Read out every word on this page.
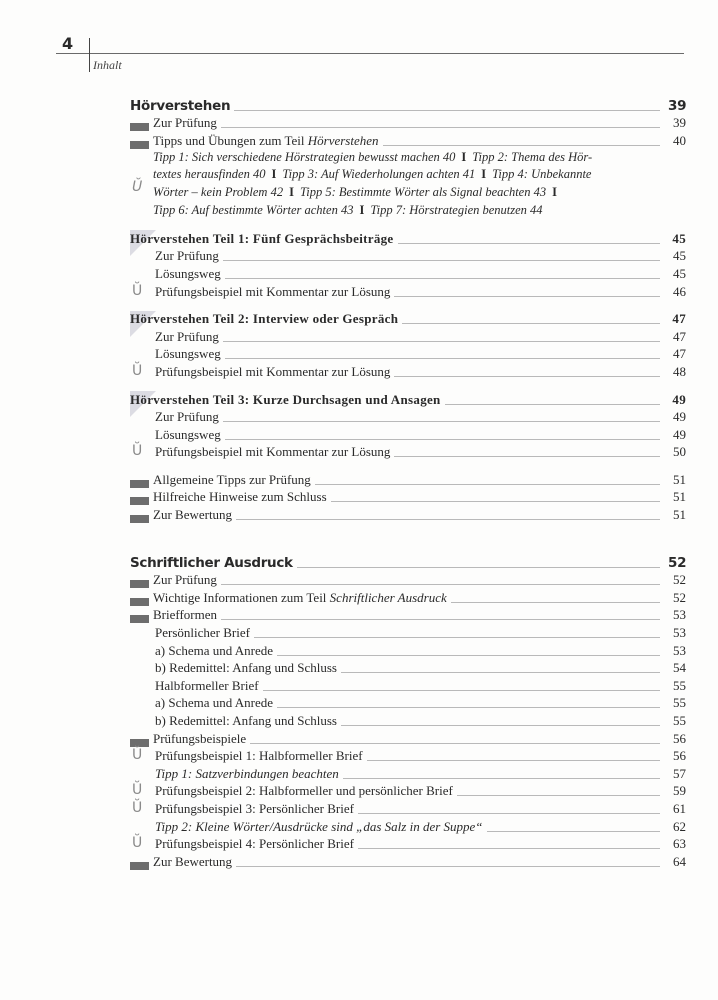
4
Inhalt
Hörverstehen	39
Zur Prüfung	39
Tipps und Übungen zum Teil Hörverstehen	40
Ŭ
Tipp 1: Sich verschiedene Hörstrategien bewusst machen 40 I Tipp 2: Thema des Hör-
textes herausfinden 40 I Tipp 3: Auf Wiederholungen achten 41 I Tipp 4: Unbekannte
Wörter – kein Problem 42 I Tipp 5: Bestimmte Wörter als Signal beachten 43 I
Tipp 6: Auf bestimmte Wörter achten 43 I Tipp 7: Hörstrategien benutzen 44
Hörverstehen Teil 1: Fünf Gesprächsbeiträge	45
Zur Prüfung	45
Lösungsweg	45
Ŭ Prüfungsbeispiel mit Kommentar zur Lösung	46
Hörverstehen Teil 2: Interview oder Gespräch	47
Zur Prüfung	47
Lösungsweg	47
Ŭ Prüfungsbeispiel mit Kommentar zur Lösung	48
Hörverstehen Teil 3: Kurze Durchsagen und Ansagen	49
Zur Prüfung	49
Lösungsweg	49
Ŭ Prüfungsbeispiel mit Kommentar zur Lösung	50
Allgemeine Tipps zur Prüfung	51
Hilfreiche Hinweise zum Schluss	51
Zur Bewertung	51
Schriftlicher Ausdruck	52
Zur Prüfung	52
Wichtige Informationen zum Teil Schriftlicher Ausdruck	52
Briefformen	53
Persönlicher Brief	53
a) Schema und Anrede	53
b) Redemittel: Anfang und Schluss	54
Halbformeller Brief	55
a) Schema und Anrede	55
b) Redemittel: Anfang und Schluss	55
Prüfungsbeispiele	56
Ŭ Prüfungsbeispiel 1: Halbformeller Brief	56
Tipp 1: Satzverbindungen beachten	57
Ŭ Prüfungsbeispiel 2: Halbformeller und persönlicher Brief	59
Ŭ Prüfungsbeispiel 3: Persönlicher Brief	61
Tipp 2: Kleine Wörter/Ausdrücke sind „das Salz in der Suppe“	62
Ŭ Prüfungsbeispiel 4: Persönlicher Brief	63
Zur Bewertung	64
